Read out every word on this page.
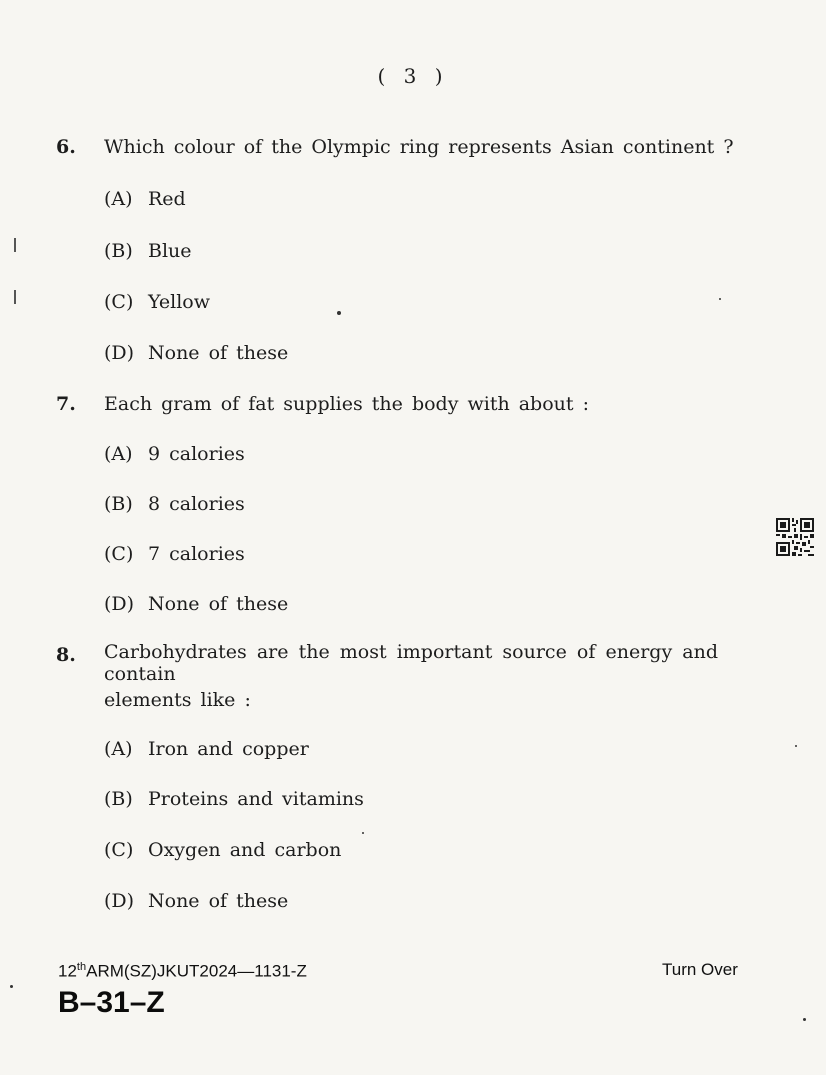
( 3 )
6. Which colour of the Olympic ring represents Asian continent ?
(A) Red
(B) Blue
(C) Yellow
(D) None of these
7. Each gram of fat supplies the body with about :
(A) 9 calories
(B) 8 calories
(C) 7 calories
(D) None of these
8. Carbohydrates are the most important source of energy and contain
elements like :
(A) Iron and copper
(B) Proteins and vitamins
(C) Oxygen and carbon
(D) None of these
12thARM(SZ)JKUT2024—1131-Z
B–31–Z
Turn Over
